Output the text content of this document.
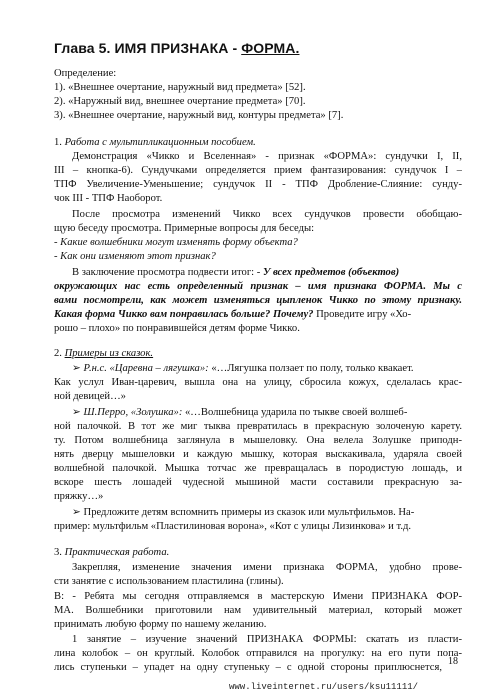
Глава 5. ИМЯ ПРИЗНАКА - ФОРМА.
Определение:
1). «Внешнее очертание, наружный вид предмета» [52].
2). «Наружный вид, внешнее очертание предмета» [70].
3). «Внешнее очертание, наружный вид, контуры предмета» [7].
1. Работа с мультипликационным пособием.
Демонстрация «Чикко и Вселенная» - признак «ФОРМА»: сундучки I, II,
III – кнопка-6). Сундучками определяется прием фантазирования: сундучок I –
ТПФ Увеличение-Уменьшение; сундучок II - ТПФ Дробление-Слияние: сунду-
чок III - ТПФ Наоборот.
После просмотра изменений Чикко всех сундучков провести обобщаю-
щую беседу просмотра. Примерные вопросы для беседы:
- Какие волшебники могут изменять форму объекта?
- Как они изменяют этот признак?
В заключение просмотра подвести итог: - У всех предметов (объектов)
окружающих нас есть определенный признак – имя признака ФОРМА. Мы с
вами посмотрели, как может изменяться цыпленок Чикко по этому признаку.
Какая форма Чикко вам понравилась больше? Почему? Проведите игру «Хо-
рошо – плохо» по понравившейся детям форме Чикко.
2. Примеры из сказок.
➢ Р.н.с. «Царевна – лягушка»: «…Лягушка ползает по полу, только квакает.
Как услул Иван-царевич, вышла она на улицу, сбросила кожух, сделалась крас-
ной девицей…»
➢ Ш.Перро, «Золушка»: «…Волшебница ударила по тыкве своей волшеб-
ной палочкой. В тот же миг тыква превратилась в прекрасную золоченую карету.
ту. Потом волшебница заглянула в мышеловку. Она велела Золушке приподн-
нять дверцу мышеловки и каждую мышку, которая выскакивала, ударяла своей
волшебной палочкой. Мышка тотчас же превращалась в породистую лошадь, и
вскоре шесть лошадей чудесной мышиной масти составили прекрасную за-
пряжку…»
➢ Предложите детям вспомнить примеры из сказок или мультфильмов. На-
пример: мультфильм «Пластилиновая ворона», «Кот с улицы Лизинкова» и т.д.
3. Практическая работа.
Закрепляя, изменение значения имени признака ФОРМА, удобно прове-
сти занятие с использованием пластилина (глины).
В: - Ребята мы сегодня отправляемся в мастерскую Имени ПРИЗНАКА ФОР-
МА. Волшебники приготовили нам удивительный материал, который может
принимать любую форму по нашему желанию.
1 занятие – изучение значений ПРИЗНАКА ФОРМЫ: скатать из пласти-
лина колобок – он круглый. Колобок отправился на прогулку: на его пути попа-
лись ступеньки – упадет на одну ступеньку – с одной стороны приплюснется,
18
www.liveinternet.ru/users/ksu11111/
